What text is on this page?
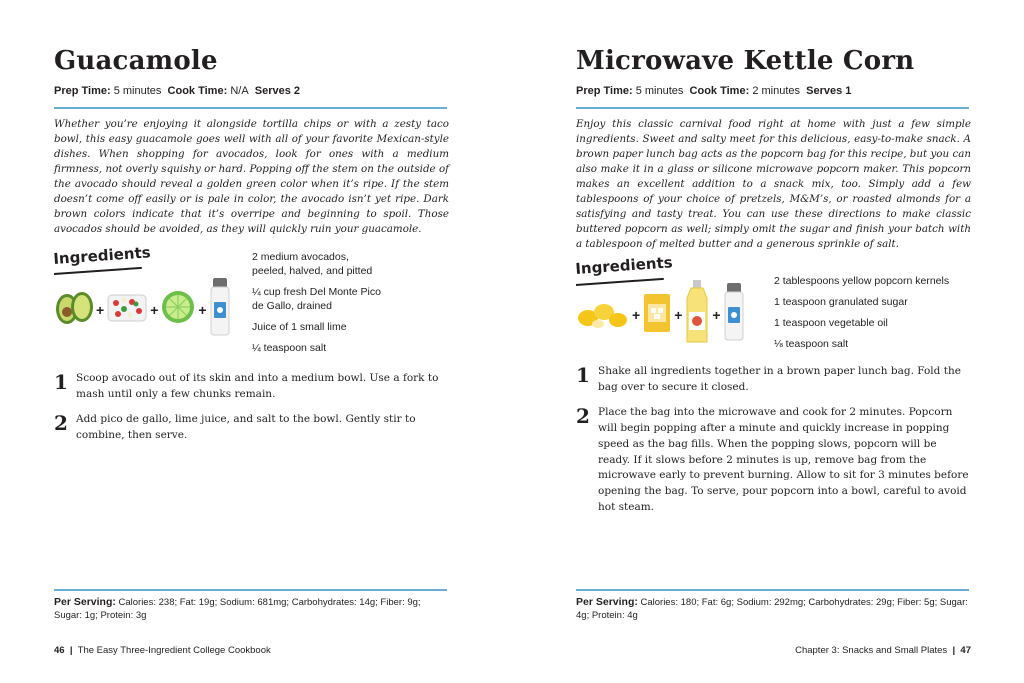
Guacamole
Prep Time: 5 minutes Cook Time: N/A Serves 2

Whether you’re enjoying it alongside tortilla chips or with a zesty taco bowl, this easy guacamole goes well with all of your favorite Mexican-style dishes. When shopping for avocados, look for ones with a medium firmness, not overly squishy or hard. Popping off the stem on the outside of the avocado should reveal a golden green color when it’s ripe. If the stem doesn’t come off easily or is pale in color, the avocado isn’t yet ripe. Dark brown colors indicate that it’s overripe and beginning to spoil. Those avocados should be avoided, as they will quickly ruin your guacamole.

Ingredients
+	+	+
2 medium avocados, peeled, halved, and pitted
¼ cup fresh Del Monte Pico de Gallo, drained
Juice of 1 small lime
¼ teaspoon salt
1 Scoop avocado out of its skin and into a medium bowl. Use a fork to mash until only a few chunks remain.
2 Add pico de gallo, lime juice, and salt to the bowl. Gently stir to combine, then serve.
Per Serving: Calories: 238; Fat: 19g; Sodium: 681mg; Carbohydrates: 14g; Fiber: 9g; Sugar: 1g; Protein: 3g
46 | The Easy Three-Ingredient College Cookbook
Microwave Kettle Corn
Prep Time: 5 minutes Cook Time: 2 minutes Serves 1

Enjoy this classic carnival food right at home with just a few simple ingredients. Sweet and salty meet for this delicious, easy-to-make snack. A brown paper lunch bag acts as the popcorn bag for this recipe, but you can also make it in a glass or silicone microwave popcorn maker. This popcorn makes an excellent addition to a snack mix, too. Simply add a few tablespoons of your choice of pretzels, M&M’s, or roasted almonds for a satisfying and tasty treat. You can use these directions to make classic buttered popcorn as well; simply omit the sugar and finish your batch with a tablespoon of melted butter and a generous sprinkle of salt.

Ingredients
+ + +
2 tablespoons yellow popcorn kernels
1 teaspoon granulated sugar
1 teaspoon vegetable oil
⅛ teaspoon salt
1 Shake all ingredients together in a brown paper lunch bag. Fold the bag over to secure it closed.
2 Place the bag into the microwave and cook for 2 minutes. Popcorn will begin popping after a minute and quickly increase in popping speed as the bag fills. When the popping slows, popcorn will be ready. If it slows before 2 minutes is up, remove bag from the microwave early to prevent burning. Allow to sit for 3 minutes before opening the bag. To serve, pour popcorn into a bowl, careful to avoid hot steam.
Per Serving: Calories: 180; Fat: 6g; Sodium: 292mg; Carbohydrates: 29g; Fiber: 5g; Sugar: 4g; Protein: 4g
Chapter 3: Snacks and Small Plates | 47
